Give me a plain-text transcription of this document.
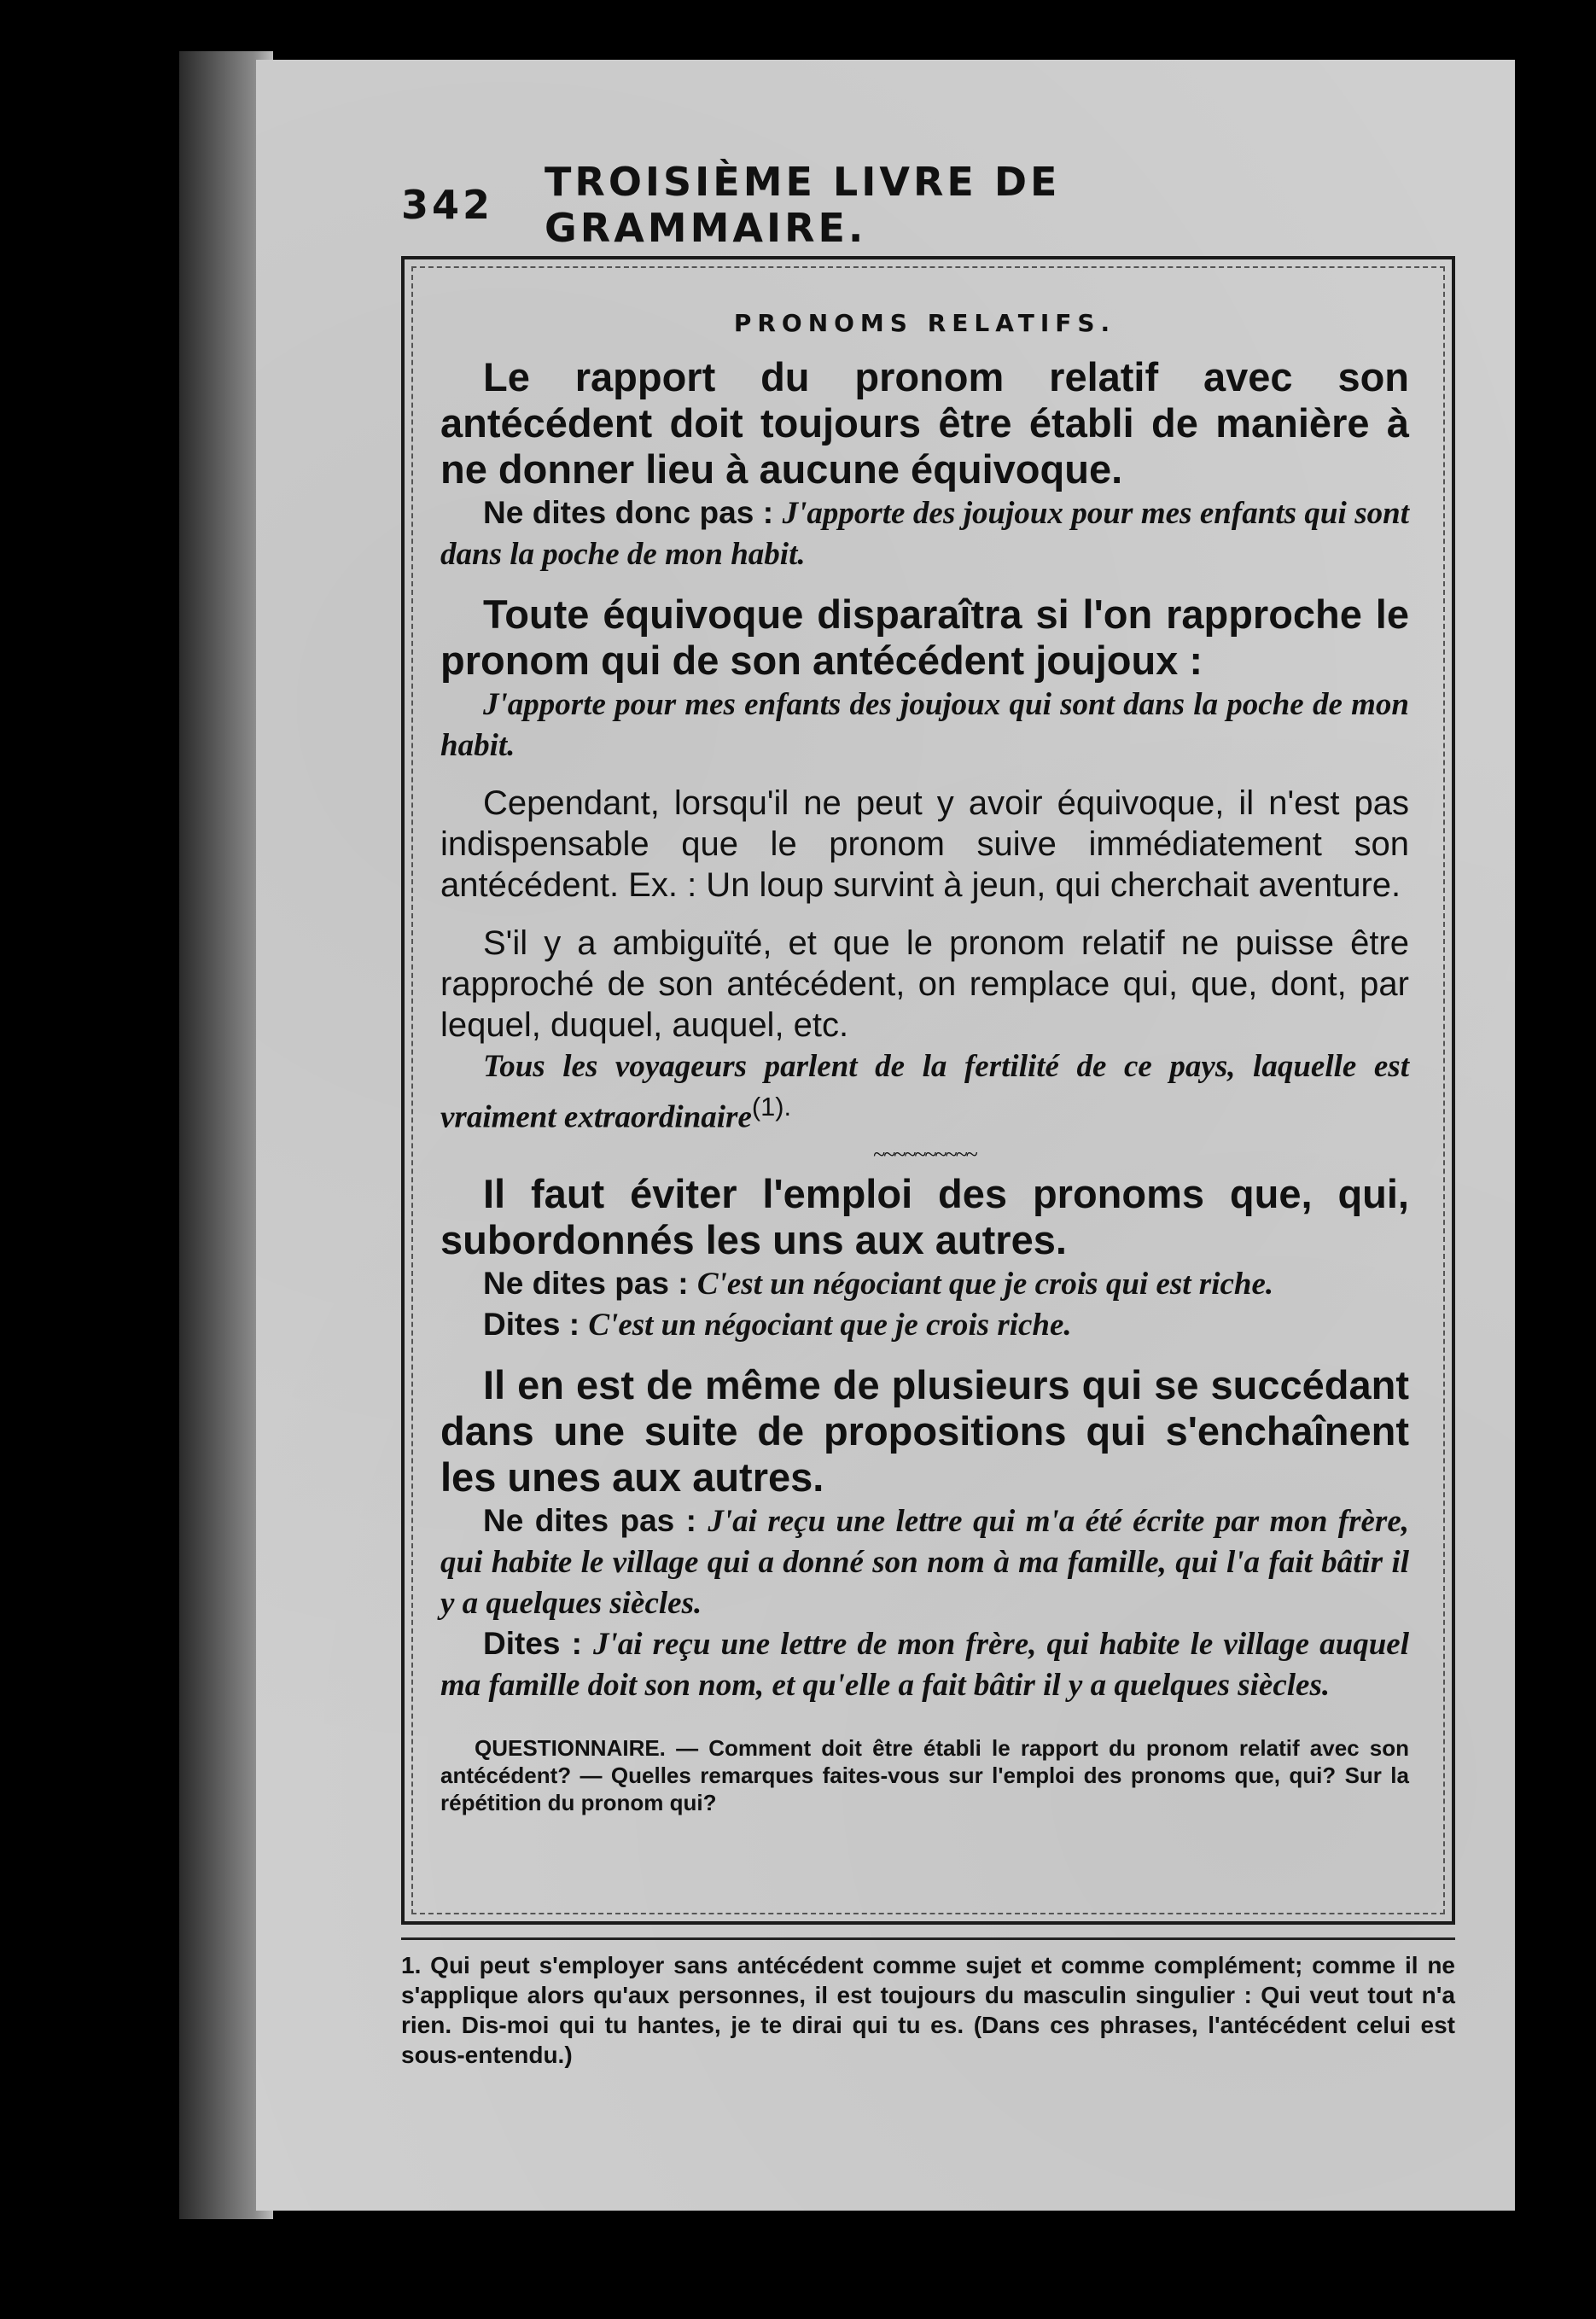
342 TROISIÈME LIVRE DE GRAMMAIRE.
PRONOMS RELATIFS.

Le rapport du pronom relatif avec son antécédent doit toujours être établi de manière à ne donner lieu à aucune équivoque.

Ne dites donc pas : J'apporte des joujoux pour mes enfants qui sont dans la poche de mon habit.

Toute équivoque disparaîtra si l'on rapproche le pronom qui de son antécédent joujoux :

J'apporte pour mes enfants des joujoux qui sont dans la poche de mon habit.

Cependant, lorsqu'il ne peut y avoir équivoque, il n'est pas indispensable que le pronom suive immédiatement son antécédent. Ex. : Un loup survint à jeun, qui cherchait aventure.

S'il y a ambiguïté, et que le pronom relatif ne puisse être rapproché de son antécédent, on remplace qui, que, dont, par lequel, duquel, auquel, etc.

Tous les voyageurs parlent de la fertilité de ce pays, laquelle est vraiment extraordinaire$^{(1).}$

~~~~~~~~~~

Il faut éviter l'emploi des pronoms que, qui, subordonnés les uns aux autres.

Ne dites pas : C'est un négociant que je crois qui est riche.

Dites : C'est un négociant que je crois riche.

Il en est de même de plusieurs qui se succédant dans une suite de propositions qui s'enchaînent les unes aux autres.

Ne dites pas : J'ai reçu une lettre qui m'a été écrite par mon frère, qui habite le village qui a donné son nom à ma famille, qui l'a fait bâtir il y a quelques siècles.

Dites : J'ai reçu une lettre de mon frère, qui habite le village auquel ma famille doit son nom, et qu'elle a fait bâtir il y a quelques siècles.

QUESTIONNAIRE. — Comment doit être établi le rapport du pronom relatif avec son antécédent? — Quelles remarques faites-vous sur l'emploi des pronoms que, qui? Sur la répétition du pronom qui?

1. Qui peut s'employer sans antécédent comme sujet et comme complément; comme il ne s'applique alors qu'aux personnes, il est toujours du masculin singulier : Qui veut tout n'a rien. Dis-moi qui tu hantes, je te dirai qui tu es. (Dans ces phrases, l'antécédent celui est sous-entendu.)
